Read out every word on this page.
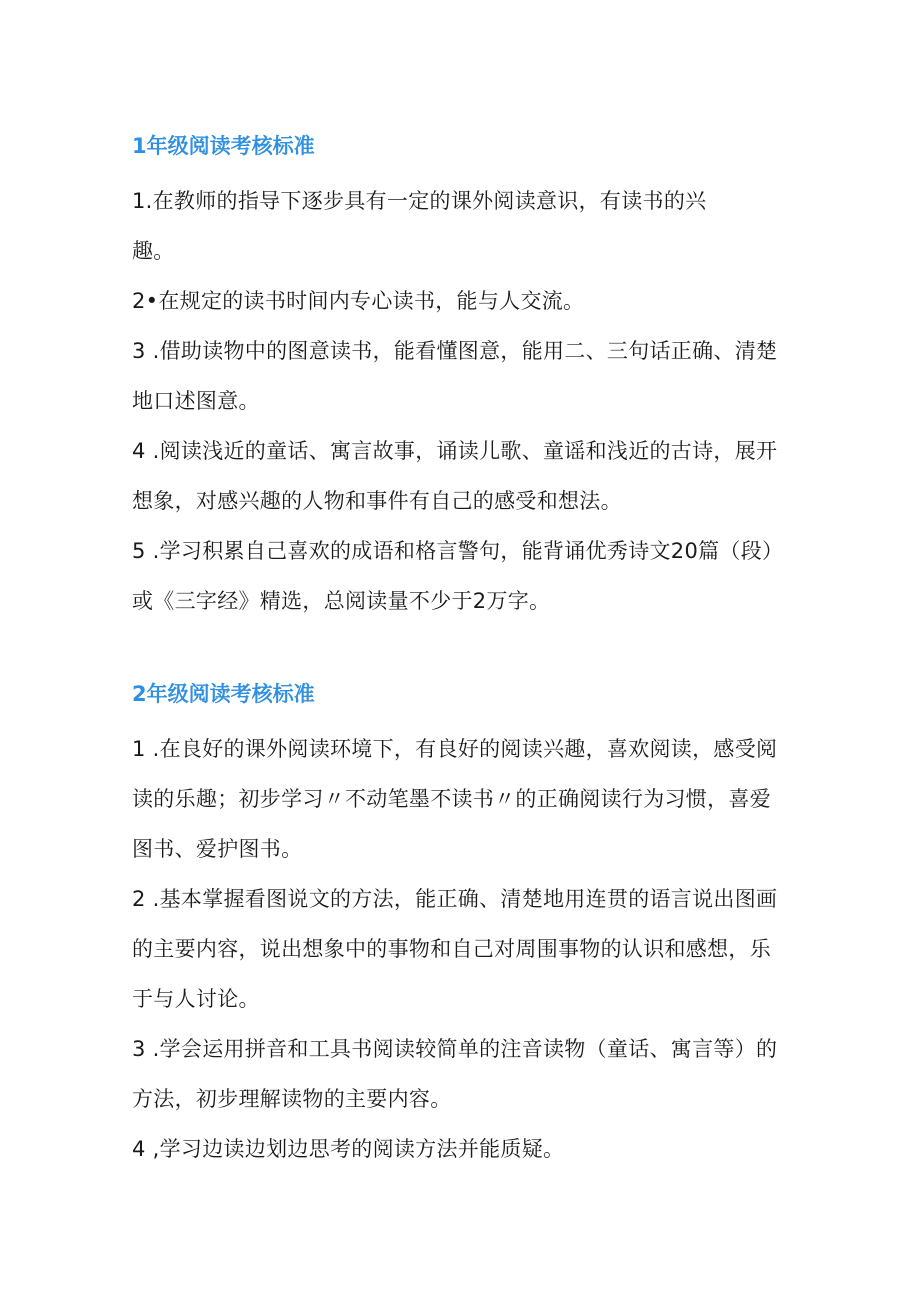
1年级阅读考核标准

1.在教师的指导下逐步具有一定的课外阅读意识，有读书的兴趣。

2•在规定的读书时间内专心读书，能与人交流。

3 .借助读物中的图意读书，能看懂图意，能用二、三句话正确、清楚地口述图意。

4 .阅读浅近的童话、寓言故事，诵读儿歌、童谣和浅近的古诗，展开想象，对感兴趣的人物和事件有自己的感受和想法。

5 .学习积累自己喜欢的成语和格言警句，能背诵优秀诗文20篇（段）或《三字经》精选，总阅读量不少于2万字。

2年级阅读考核标准

1 .在良好的课外阅读环境下，有良好的阅读兴趣，喜欢阅读，感受阅读的乐趣；初步学习〃不动笔墨不读书〃的正确阅读行为习惯，喜爱图书、爱护图书。

2 .基本掌握看图说文的方法，能正确、清楚地用连贯的语言说出图画的主要内容，说出想象中的事物和自己对周围事物的认识和感想，乐于与人讨论。

3 .学会运用拼音和工具书阅读较简单的注音读物（童话、寓言等）的方法，初步理解读物的主要内容。

4 ,学习边读边划边思考的阅读方法并能质疑。
